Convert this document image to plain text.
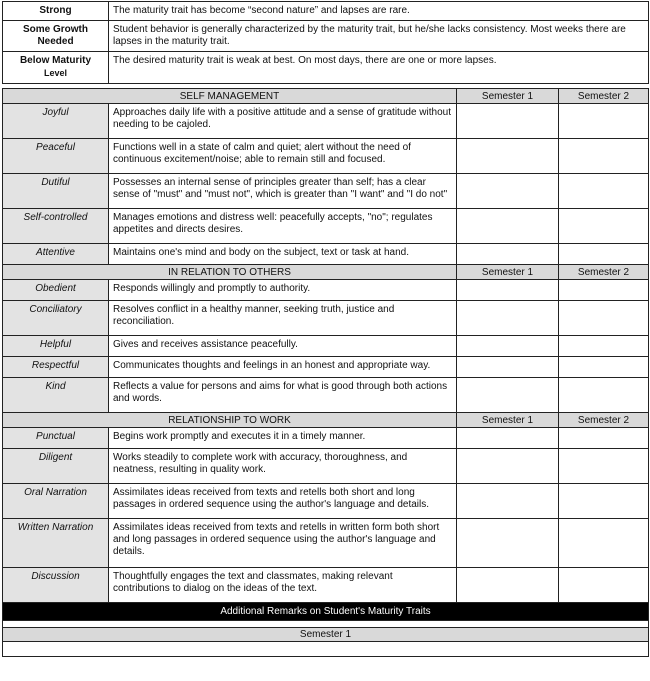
Strong	The maturity trait has become “second nature” and lapses are rare.		
Some Growth
Needed	Student behavior is generally characterized by the maturity trait, but he/she lacks consistency. Most weeks there are lapses in the maturity trait.		
Below Maturity
Level	The desired maturity trait is weak at best. On most days, there are one or more lapses.		

SELF MANAGEMENT		Semester 1	Semester 2
Joyful	Approaches daily life with a positive attitude and a sense of gratitude without needing to be cajoled.		
Peaceful	Functions well in a state of calm and quiet; alert without the need of continuous excitement/noise; able to remain still and focused.		
Dutiful	Possesses an internal sense of principles greater than self; has a clear sense of "must" and "must not", which is greater than "I want" and "I do not"		
Self-controlled	Manages emotions and distress well: peacefully accepts, "no"; regulates appetites and directs desires.		
Attentive	Maintains one's mind and body on the subject, text or task at hand.		
IN RELATION TO OTHERS		Semester 1	Semester 2
Obedient	Responds willingly and promptly to authority.		
Conciliatory	Resolves conflict in a healthy manner, seeking truth, justice and reconciliation.		
Helpful	Gives and receives assistance peacefully.		
Respectful	Communicates thoughts and feelings in an honest and appropriate way.		
Kind	Reflects a value for persons and aims for what is good through both actions and words.		
RELATIONSHIP TO WORK		Semester 1	Semester 2
Punctual	Begins work promptly and executes it in a timely manner.		
Diligent	Works steadily to complete work with accuracy, thoroughness, and neatness, resulting in quality work.		
Oral Narration	Assimilates ideas received from texts and retells both short and long passages in ordered sequence using the author's language and details.		
Written Narration	Assimilates ideas received from texts and retells in written form both short and long passages in ordered sequence using the author's language and details.		
Discussion	Thoughtfully engages the text and classmates, making relevant contributions to dialog on the ideas of the text.		
Additional Remarks on Student's Maturity Traits			

Semester 1			
